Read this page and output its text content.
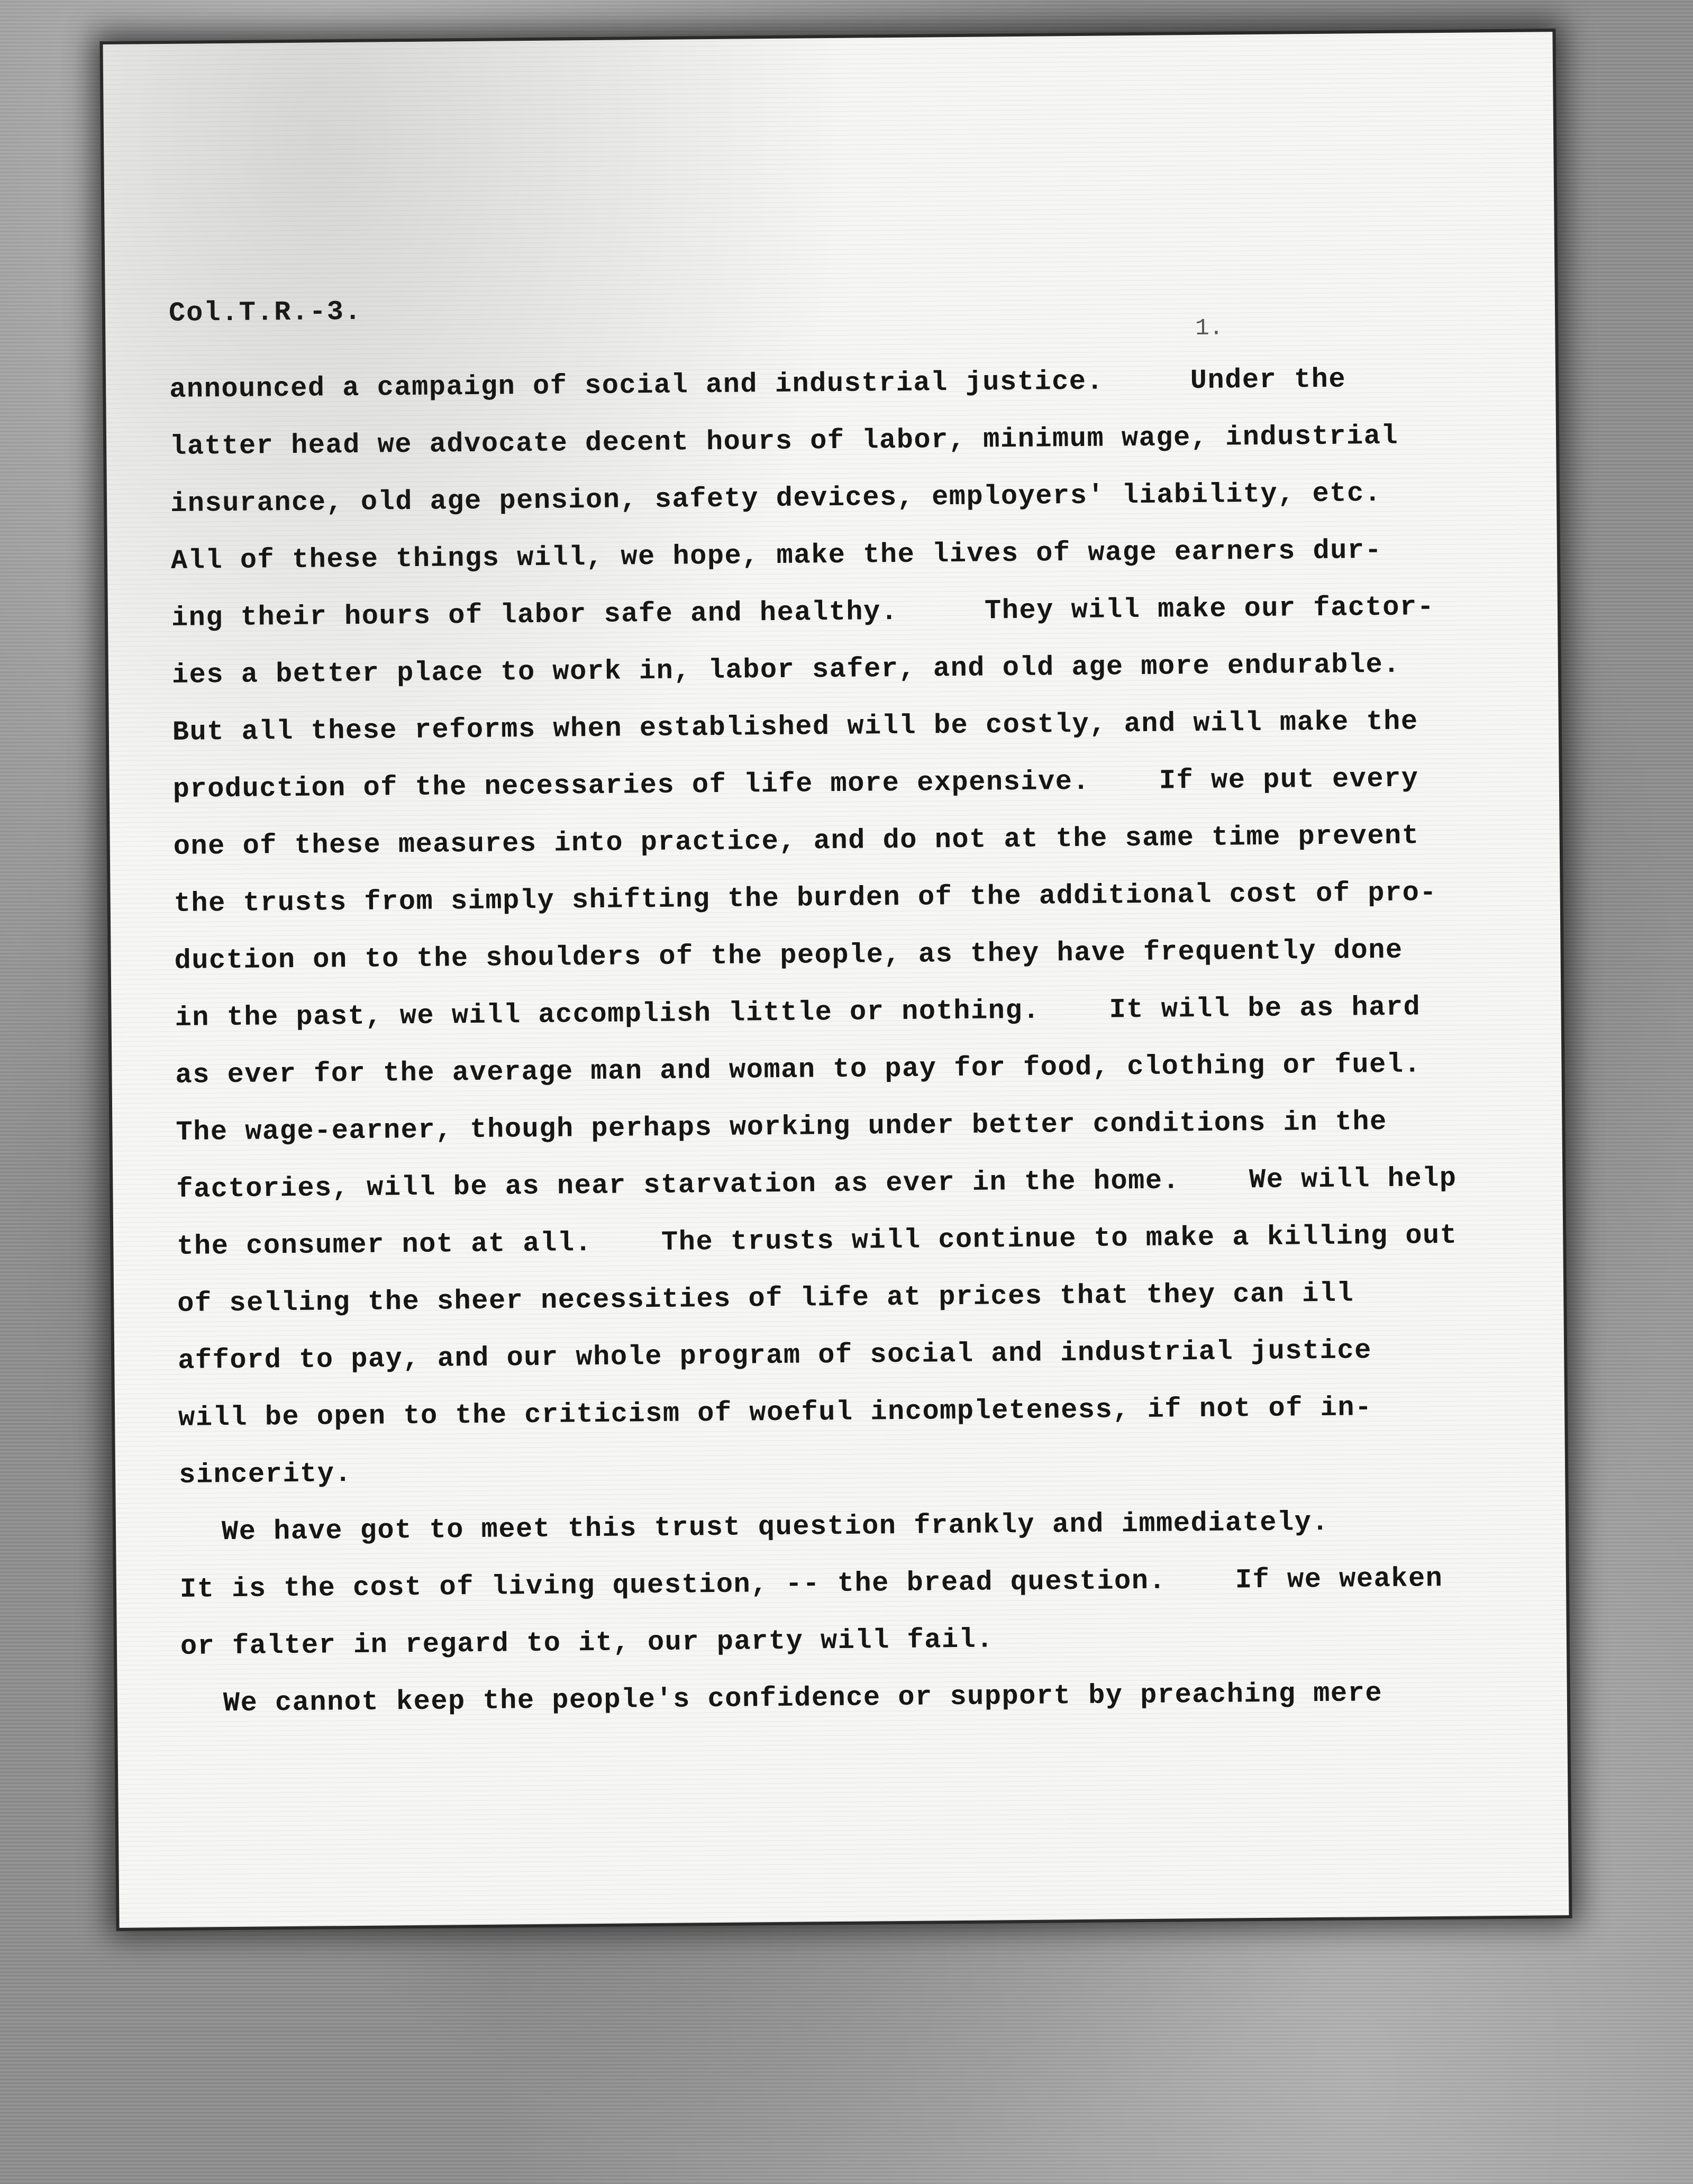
Col.T.R.-3.	1.
announced a campaign of social and industrial justice.     Under the
latter head we advocate decent hours of labor, minimum wage, industrial
insurance, old age pension, safety devices, employers' liability, etc.
All of these things will, we hope, make the lives of wage earners dur-
ing their hours of labor safe and healthy.     They will make our factor-
ies a better place to work in, labor safer, and old age more endurable.
But all these reforms when established will be costly, and will make the
production of the necessaries of life more expensive.    If we put every
one of these measures into practice, and do not at the same time prevent
the trusts from simply shifting the burden of the additional cost of pro-
duction on to the shoulders of the people, as they have frequently done
in the past, we will accomplish little or nothing.    It will be as hard
as ever for the average man and woman to pay for food, clothing or fuel.
The wage-earner, though perhaps working under better conditions in the
factories, will be as near starvation as ever in the home.    We will help
the consumer not at all.    The trusts will continue to make a killing out
of selling the sheer necessities of life at prices that they can ill
afford to pay, and our whole program of social and industrial justice
will be open to the criticism of woeful incompleteness, if not of in-
sincerity.
We have got to meet this trust question frankly and immediately.
It is the cost of living question, -- the bread question.    If we weaken
or falter in regard to it, our party will fail.
We cannot keep the people's confidence or support by preaching mere
